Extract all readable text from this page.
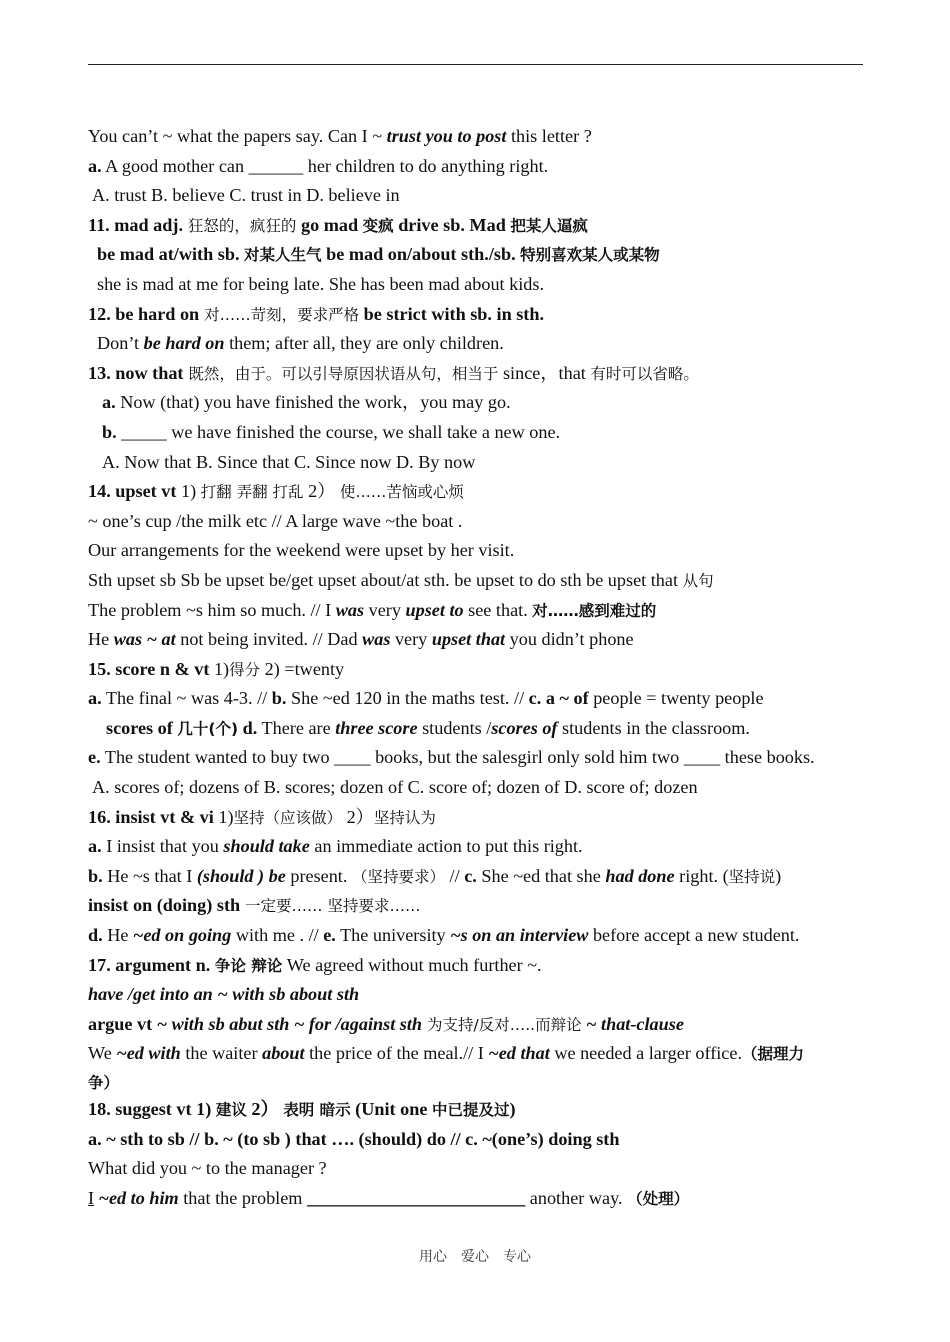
You can’t ~ what the papers say. Can I ~ trust you to post this letter ?
a. A good mother can ______ her children to do anything right.
A. trust B. believe C. trust in D. believe in
11. mad adj. 狂怒的，疯狂的 go mad 变疯 drive sb. Mad 把某人逼疯
be mad at/with sb. 对某人生气 be mad on/about sth./sb. 特别喜欢某人或某物
she is mad at me for being late. She has been mad about kids.
12. be hard on 对……苛刻，要求严格 be strict with sb. in sth.
Don’t be hard on them; after all, they are only children.
13. now that 既然，由于。可以引导原因状语从句，相当于 since，that 有时可以省略。
a. Now (that) you have finished the work，you may go.
b. _____ we have finished the course, we shall take a new one.
A. Now that B. Since that C. Since now D. By now
14. upset vt 1) 打翻 弄翻 打乱 2） 使……苦恼或心烦
~ one’s cup /the milk etc // A large wave ~the boat .
Our arrangements for the weekend were upset by her visit.
Sth upset sb Sb be upset be/get upset about/at sth. be upset to do sth be upset that 从句
The problem ~s him so much. // I was very upset to see that. 对……感到难过的
He was ~ at not being invited. // Dad was very upset that you didn’t phone
15. score n & vt 1)得分 2) =twenty
a. The final ~ was 4-3. // b. She ~ed 120 in the maths test. // c. a ~ of people = twenty people
scores of 几十(个) d. There are three score students /scores of students in the classroom.
e. The student wanted to buy two ____ books, but the salesgirl only sold him two ____ these books.
A. scores of; dozens of B. scores; dozen of C. score of; dozen of D. score of; dozen
16. insist vt & vi 1)坚持（应该做） 2）坚持认为
a. I insist that you should take an immediate action to put this right.
b. He ~s that I (should ) be present. （坚持要求） // c. She ~ed that she had done right. (坚持说)
insist on (doing) sth 一定要…… 坚持要求……
d. He ~ed on going with me . // e. The university ~s on an interview before accept a new student.
17. argument n. 争论 辩论 We agreed without much further ~.
have /get into an ~ with sb about sth
argue vt ~ with sb abut sth ~ for /against sth 为支持/反对…..而辩论 ~ that-clause
We ~ed with the waiter about the price of the meal.// I ~ed that we needed a larger office.（据理力
争）
18. suggest vt 1) 建议 2） 表明 暗示 (Unit one 中已提及过)
a. ~ sth to sb // b. ~ (to sb ) that …. (should) do // c. ~(one’s) doing sth
What did you ~ to the manager ?
I ~ed to him that the problem ________________________ another way. （处理）
用心　爱心　专心
